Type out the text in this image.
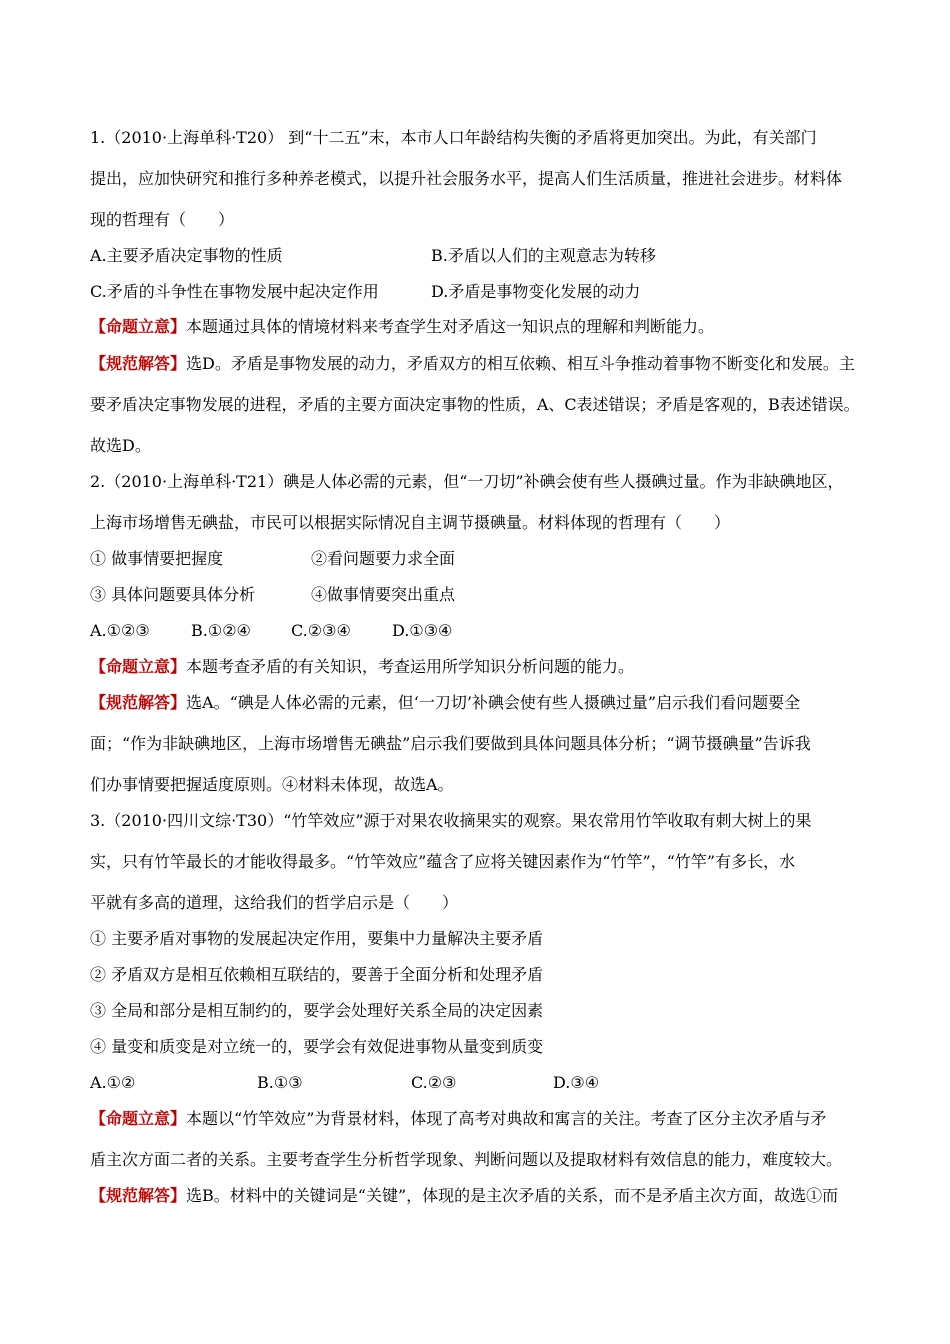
1.（2010·上海单科·T20） 到“十二五”末，本市人口年龄结构失衡的矛盾将更加突出。为此，有关部门
提出，应加快研究和推行多种养老模式，以提升社会服务水平，提高人们生活质量，推进社会进步。材料体
现的哲理有（　　）
A.主要矛盾决定事物的性质	B.矛盾以人们的主观意志为转移
C.矛盾的斗争性在事物发展中起决定作用	D.矛盾是事物变化发展的动力
【命题立意】本题通过具体的情境材料来考查学生对矛盾这一知识点的理解和判断能力。
【规范解答】选D。矛盾是事物发展的动力，矛盾双方的相互依赖、相互斗争推动着事物不断变化和发展。主
要矛盾决定事物发展的进程，矛盾的主要方面决定事物的性质，A、C表述错误；矛盾是客观的，B表述错误。
故选D。
2.（2010·上海单科·T21）碘是人体必需的元素，但“一刀切”补碘会使有些人摄碘过量。作为非缺碘地区，
上海市场增售无碘盐，市民可以根据实际情况自主调节摄碘量。材料体现的哲理有（　　）
① 做事情要把握度	②看问题要力求全面
③ 具体问题要具体分析	④做事情要突出重点
A.①②③	B.①②④	C.②③④	D.①③④
【命题立意】本题考查矛盾的有关知识，考查运用所学知识分析问题的能力。
【规范解答】选A。“碘是人体必需的元素，但‘一刀切’补碘会使有些人摄碘过量”启示我们看问题要全
面；“作为非缺碘地区，上海市场增售无碘盐”启示我们要做到具体问题具体分析；“调节摄碘量”告诉我
们办事情要把握适度原则。④材料未体现，故选A。
3.（2010·四川文综·T30）“竹竿效应”源于对果农收摘果实的观察。果农常用竹竿收取有刺大树上的果
实，只有竹竿最长的才能收得最多。“竹竿效应”蕴含了应将关键因素作为“竹竿”，“竹竿”有多长，水
平就有多高的道理，这给我们的哲学启示是（　　）
① 主要矛盾对事物的发展起决定作用，要集中力量解决主要矛盾
② 矛盾双方是相互依赖相互联结的，要善于全面分析和处理矛盾
③ 全局和部分是相互制约的，要学会处理好关系全局的决定因素
④ 量变和质变是对立统一的，要学会有效促进事物从量变到质变
A.①②	B.①③	C.②③	D.③④
【命题立意】本题以“竹竿效应”为背景材料，体现了高考对典故和寓言的关注。考查了区分主次矛盾与矛
盾主次方面二者的关系。主要考查学生分析哲学现象、判断问题以及提取材料有效信息的能力，难度较大。
【规范解答】选B。材料中的关键词是“关键”，体现的是主次矛盾的关系，而不是矛盾主次方面，故选①而
